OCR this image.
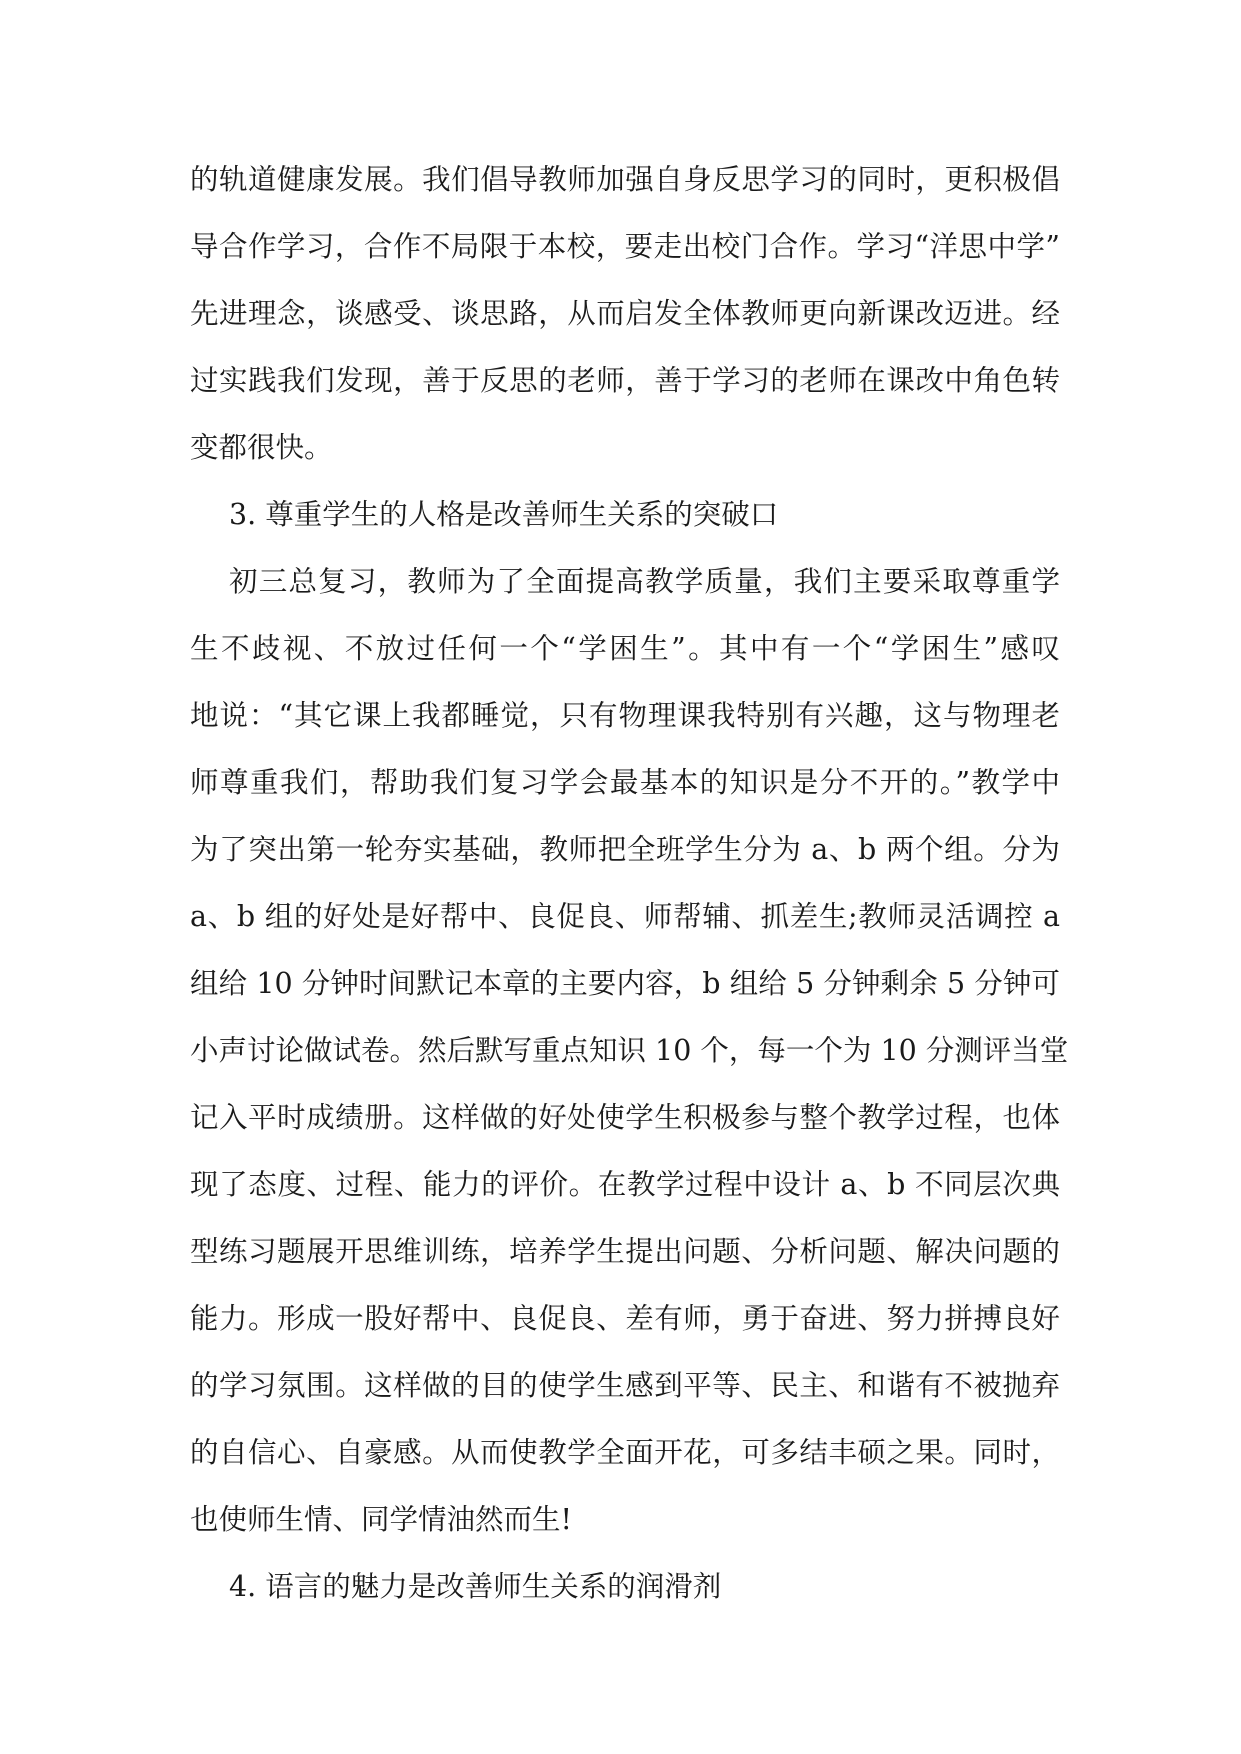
的轨道健康发展。我们倡导教师加强自身反思学习的同时，更积极倡
导合作学习，合作不局限于本校，要走出校门合作。学习“洋思中学”
先进理念，谈感受、谈思路，从而启发全体教师更向新课改迈进。经
过实践我们发现，善于反思的老师，善于学习的老师在课改中角色转
变都很快。
3. 尊重学生的人格是改善师生关系的突破口
初三总复习，教师为了全面提高教学质量，我们主要采取尊重学
生不歧视、不放过任何一个“学困生”。其中有一个“学困生”感叹
地说：“其它课上我都睡觉，只有物理课我特别有兴趣，这与物理老
师尊重我们，帮助我们复习学会最基本的知识是分不开的。”教学中
为了突出第一轮夯实基础，教师把全班学生分为 a、b 两个组。分为
a、b 组的好处是好帮中、良促良、师帮辅、抓差生;教师灵活调控 a
组给 10 分钟时间默记本章的主要内容，b 组给 5 分钟剩余 5 分钟可
小声讨论做试卷。然后默写重点知识 10 个，每一个为 10 分测评当堂
记入平时成绩册。这样做的好处使学生积极参与整个教学过程，也体
现了态度、过程、能力的评价。在教学过程中设计 a、b 不同层次典
型练习题展开思维训练，培养学生提出问题、分析问题、解决问题的
能力。形成一股好帮中、良促良、差有师，勇于奋进、努力拼搏良好
的学习氛围。这样做的目的使学生感到平等、民主、和谐有不被抛弃
的自信心、自豪感。从而使教学全面开花，可多结丰硕之果。同时，
也使师生情、同学情油然而生!
4. 语言的魅力是改善师生关系的润滑剂
